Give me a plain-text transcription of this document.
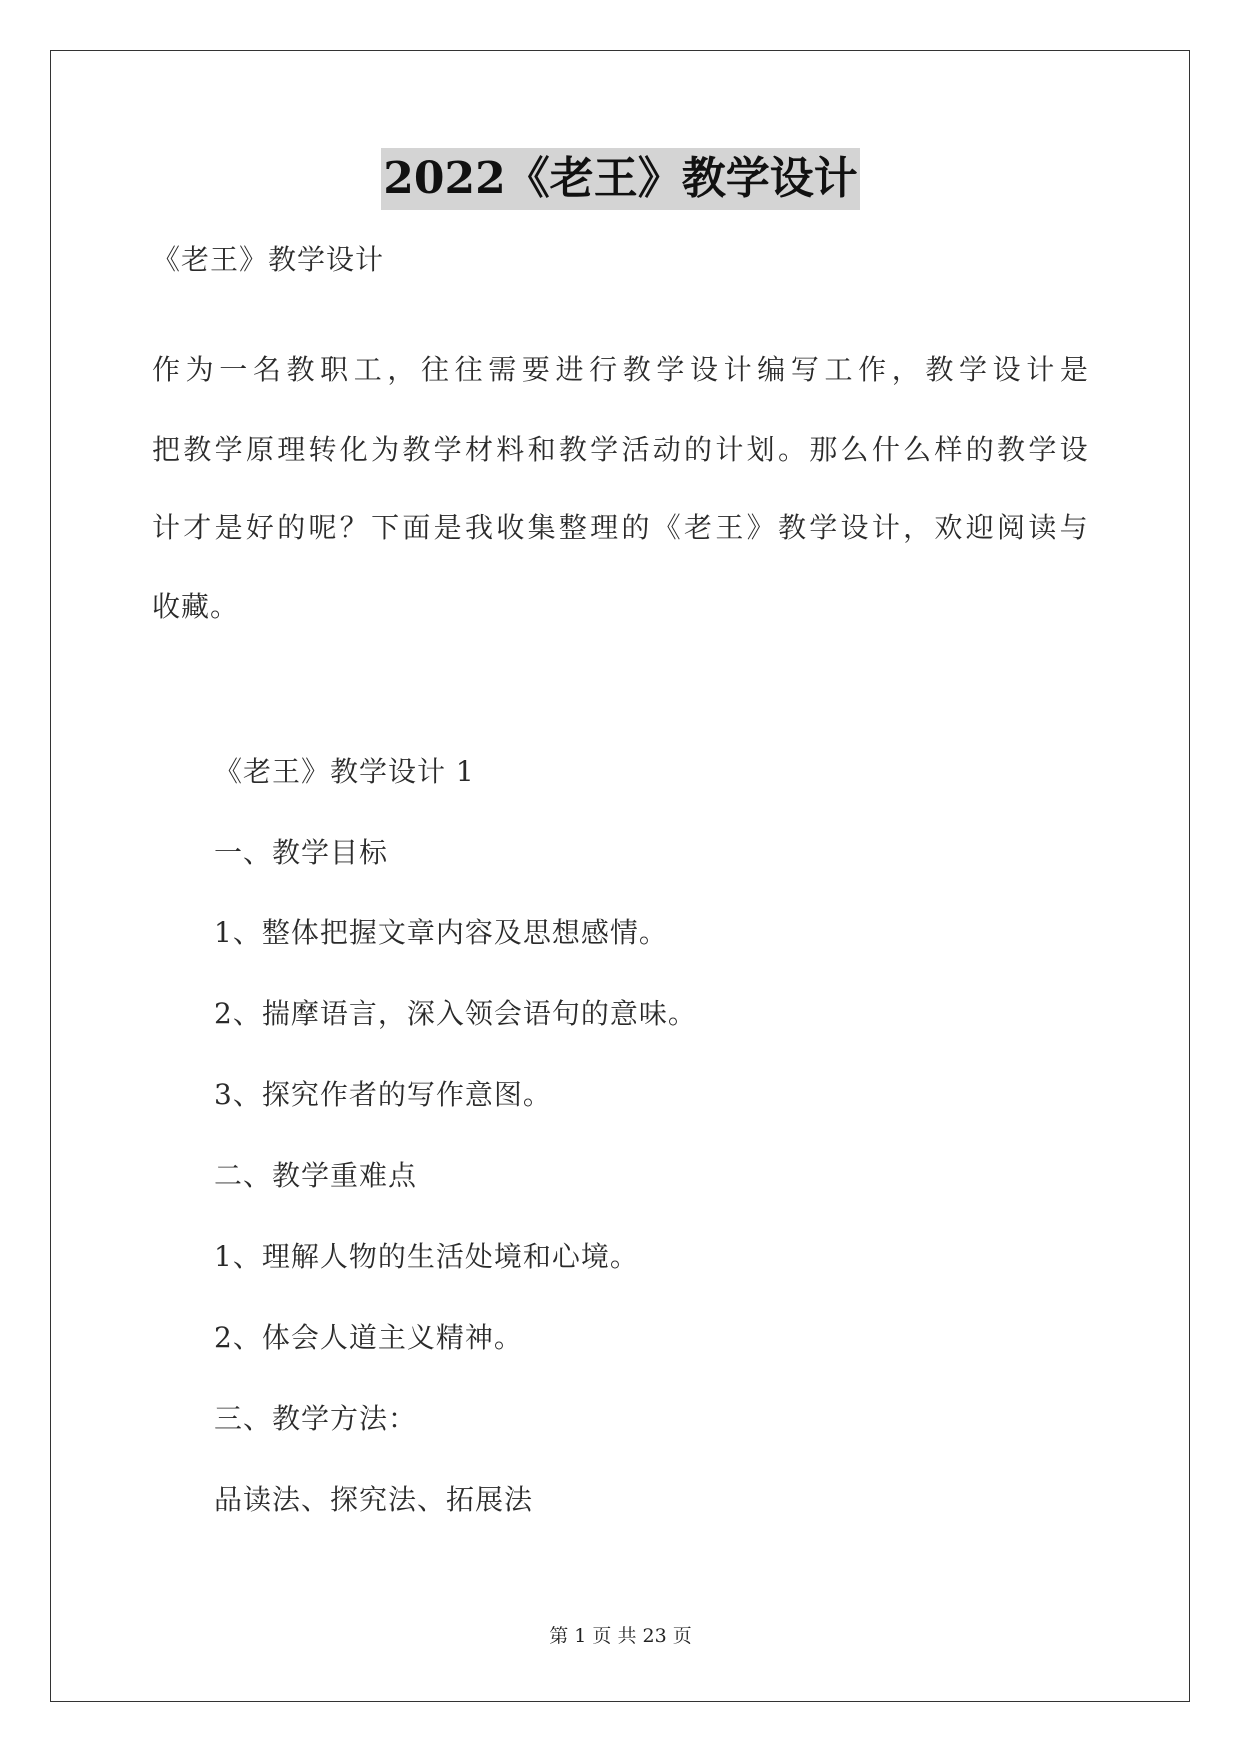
2022《老王》教学设计
《老王》教学设计
作 为 一 名 教 职 工 ， 往 往 需 要 进 行 教 学 设 计 编 写 工 作 ， 教 学 设 计 是
把 教 学 原 理 转 化 为 教 学 材 料 和 教 学 活 动 的 计 划 。 那 么 什 么 样 的 教 学 设
计 才 是 好 的 呢 ？ 下 面 是 我 收 集 整 理 的 《 老 王 》 教 学 设 计 ， 欢 迎 阅 读 与
收藏。
《老王》教学设计 1
一、教学目标
1、整体把握文章内容及思想感情。
2、揣摩语言，深入领会语句的意味。
3、探究作者的写作意图。
二、教学重难点
1、理解人物的生活处境和心境。
2、体会人道主义精神。
三、教学方法：
品读法、探究法、拓展法
第 1 页 共 23 页
